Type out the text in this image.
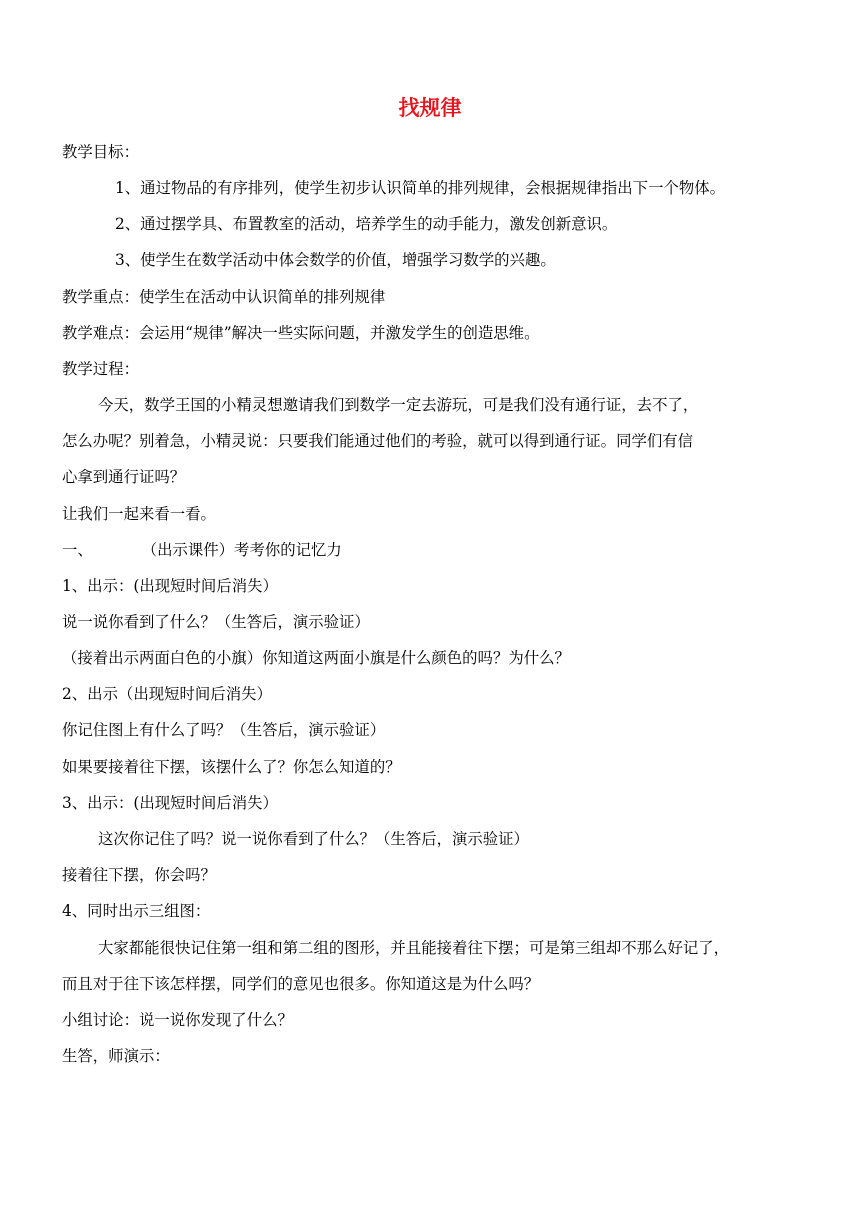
找规律
教学目标：
1、通过物品的有序排列，使学生初步认识简单的排列规律，会根据规律指出下一个物体。
2、通过摆学具、布置教室的活动，培养学生的动手能力，激发创新意识。
3、使学生在数学活动中体会数学的价值，增强学习数学的兴趣。
教学重点：使学生在活动中认识简单的排列规律
教学难点：会运用“规律”解决一些实际问题，并激发学生的创造思维。
教学过程：
今天，数学王国的小精灵想邀请我们到数学一定去游玩，可是我们没有通行证，去不了，
怎么办呢？别着急，小精灵说：只要我们能通过他们的考验，就可以得到通行证。同学们有信
心拿到通行证吗？
让我们一起来看一看。
一、          （出示课件）考考你的记忆力
1、出示：(出现短时间后消失）
说一说你看到了什么？（生答后，演示验证）
（接着出示两面白色的小旗）你知道这两面小旗是什么颜色的吗？为什么？
2、出示（出现短时间后消失）
你记住图上有什么了吗？（生答后，演示验证）
如果要接着往下摆，该摆什么了？你怎么知道的？
3、出示：(出现短时间后消失）
这次你记住了吗？说一说你看到了什么？（生答后，演示验证）
接着往下摆，你会吗？
4、同时出示三组图：
大家都能很快记住第一组和第二组的图形，并且能接着往下摆；可是第三组却不那么好记了，
而且对于往下该怎样摆，同学们的意见也很多。你知道这是为什么吗？
小组讨论：说一说你发现了什么？
生答，师演示：
